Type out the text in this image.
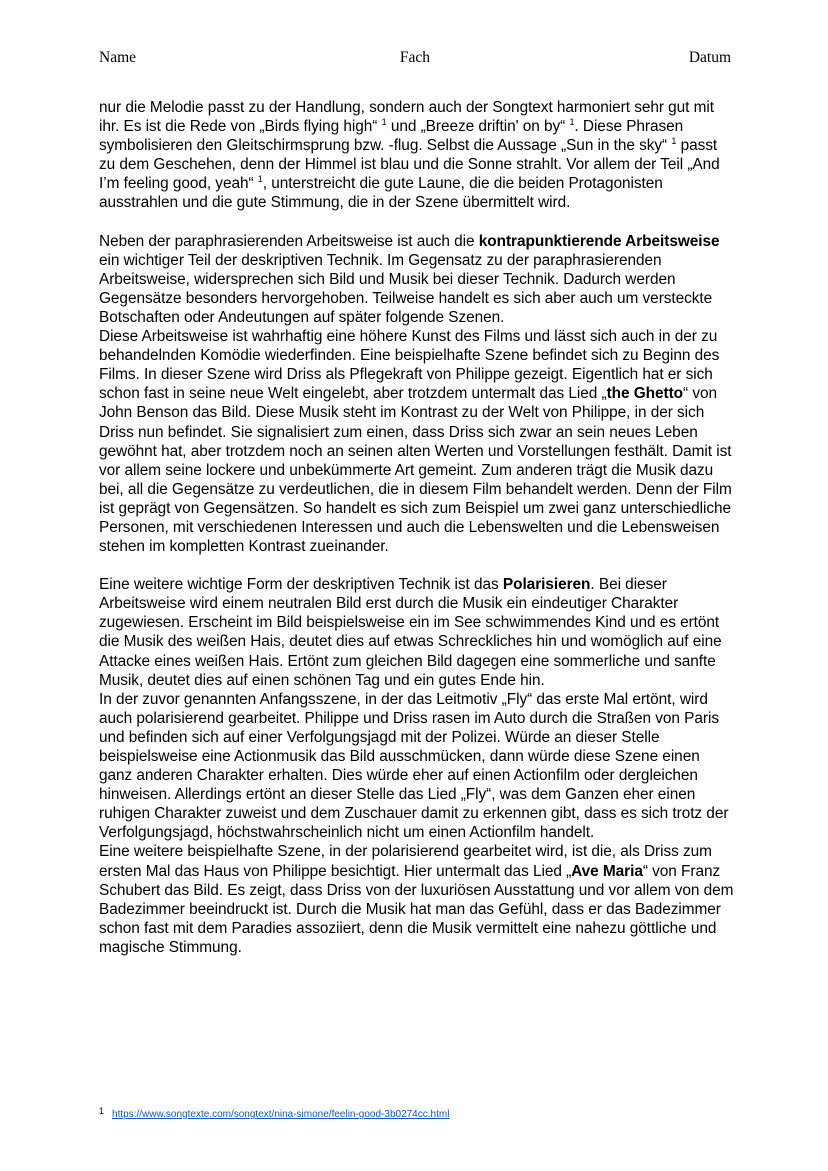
Name	Fach	Datum

nur die Melodie passt zu der Handlung, sondern auch der Songtext harmoniert sehr gut mit ihr. Es ist die Rede von „Birds flying high“ $^1$ und „Breeze driftin' on by“ $^1$. Diese Phrasen symbolisieren den Gleitschirmsprung bzw. -flug. Selbst die Aussage „Sun in the sky“ $^1$ passt zu dem Geschehen, denn der Himmel ist blau und die Sonne strahlt. Vor allem der Teil „And I’m feeling good, yeah“ $^1$, unterstreicht die gute Laune, die die beiden Protagonisten ausstrahlen und die gute Stimmung, die in der Szene übermittelt wird.

Neben der paraphrasierenden Arbeitsweise ist auch die kontrapunktierende Arbeitsweise ein wichtiger Teil der deskriptiven Technik. Im Gegensatz zu der paraphrasierenden Arbeitsweise, widersprechen sich Bild und Musik bei dieser Technik. Dadurch werden Gegensätze besonders hervorgehoben. Teilweise handelt es sich aber auch um versteckte Botschaften oder Andeutungen auf später folgende Szenen.

Diese Arbeitsweise ist wahrhaftig eine höhere Kunst des Films und lässt sich auch in der zu behandelnden Komödie wiederfinden. Eine beispielhafte Szene befindet sich zu Beginn des Films. In dieser Szene wird Driss als Pflegekraft von Philippe gezeigt. Eigentlich hat er sich schon fast in seine neue Welt eingelebt, aber trotzdem untermalt das Lied „the Ghetto“ von John Benson das Bild. Diese Musik steht im Kontrast zu der Welt von Philippe, in der sich Driss nun befindet. Sie signalisiert zum einen, dass Driss sich zwar an sein neues Leben gewöhnt hat, aber trotzdem noch an seinen alten Werten und Vorstellungen festhält. Damit ist vor allem seine lockere und unbekümmerte Art gemeint. Zum anderen trägt die Musik dazu bei, all die Gegensätze zu verdeutlichen, die in diesem Film behandelt werden. Denn der Film ist geprägt von Gegensätzen. So handelt es sich zum Beispiel um zwei ganz unterschiedliche Personen, mit verschiedenen Interessen und auch die Lebenswelten und die Lebensweisen stehen im kompletten Kontrast zueinander.

Eine weitere wichtige Form der deskriptiven Technik ist das Polarisieren. Bei dieser Arbeitsweise wird einem neutralen Bild erst durch die Musik ein eindeutiger Charakter zugewiesen. Erscheint im Bild beispielsweise ein im See schwimmendes Kind und es ertönt die Musik des weißen Hais, deutet dies auf etwas Schreckliches hin und womöglich auf eine Attacke eines weißen Hais. Ertönt zum gleichen Bild dagegen eine sommerliche und sanfte Musik, deutet dies auf einen schönen Tag und ein gutes Ende hin.

In der zuvor genannten Anfangsszene, in der das Leitmotiv „Fly“ das erste Mal ertönt, wird auch polarisierend gearbeitet. Philippe und Driss rasen im Auto durch die Straßen von Paris und befinden sich auf einer Verfolgungsjagd mit der Polizei. Würde an dieser Stelle beispielsweise eine Actionmusik das Bild ausschmücken, dann würde diese Szene einen ganz anderen Charakter erhalten. Dies würde eher auf einen Actionfilm oder dergleichen hinweisen. Allerdings ertönt an dieser Stelle das Lied „Fly“, was dem Ganzen eher einen ruhigen Charakter zuweist und dem Zuschauer damit zu erkennen gibt, dass es sich trotz der Verfolgungsjagd, höchstwahrscheinlich nicht um einen Actionfilm handelt.

Eine weitere beispielhafte Szene, in der polarisierend gearbeitet wird, ist die, als Driss zum ersten Mal das Haus von Philippe besichtigt. Hier untermalt das Lied „Ave Maria“ von Franz Schubert das Bild. Es zeigt, dass Driss von der luxuriösen Ausstattung und vor allem von dem Badezimmer beeindruckt ist. Durch die Musik hat man das Gefühl, dass er das Badezimmer schon fast mit dem Paradies assoziiert, denn die Musik vermittelt eine nahezu göttliche und magische Stimmung.

1 https://www.songtexte.com/songtext/nina-simone/feelin-good-3b0274cc.html
